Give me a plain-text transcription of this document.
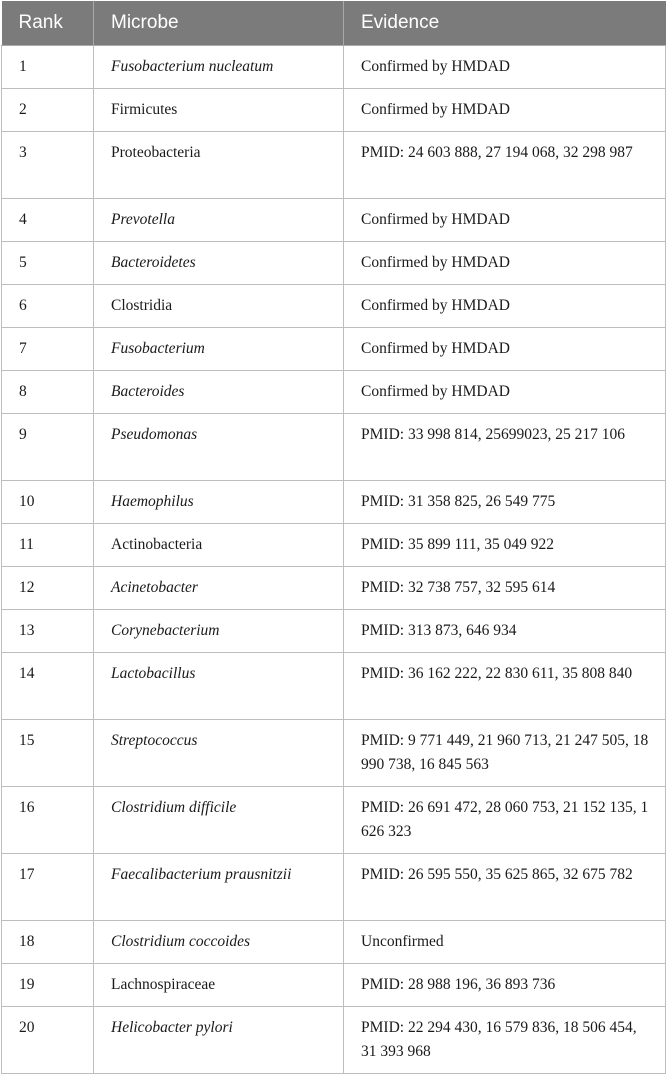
Rank	Microbe	Evidence
1	Fusobacterium nucleatum	Confirmed by HMDAD
2	Firmicutes	Confirmed by HMDAD
3	Proteobacteria	PMID: 24 603 888, 27 194 068, 32 298 987
4	Prevotella	Confirmed by HMDAD
5	Bacteroidetes	Confirmed by HMDAD
6	Clostridia	Confirmed by HMDAD
7	Fusobacterium	Confirmed by HMDAD
8	Bacteroides	Confirmed by HMDAD
9	Pseudomonas	PMID: 33 998 814, 25699023, 25 217 106
10	Haemophilus	PMID: 31 358 825, 26 549 775
11	Actinobacteria	PMID: 35 899 111, 35 049 922
12	Acinetobacter	PMID: 32 738 757, 32 595 614
13	Corynebacterium	PMID: 313 873, 646 934
14	Lactobacillus	PMID: 36 162 222, 22 830 611, 35 808 840
15	Streptococcus	PMID: 9 771 449, 21 960 713, 21 247 505, 18 990 738, 16 845 563
16	Clostridium difficile	PMID: 26 691 472, 28 060 753, 21 152 135, 1 626 323
17	Faecalibacterium prausnitzii	PMID: 26 595 550, 35 625 865, 32 675 782
18	Clostridium coccoides	Unconfirmed
19	Lachnospiraceae	PMID: 28 988 196, 36 893 736
20	Helicobacter pylori	PMID: 22 294 430, 16 579 836, 18 506 454, 31 393 968
